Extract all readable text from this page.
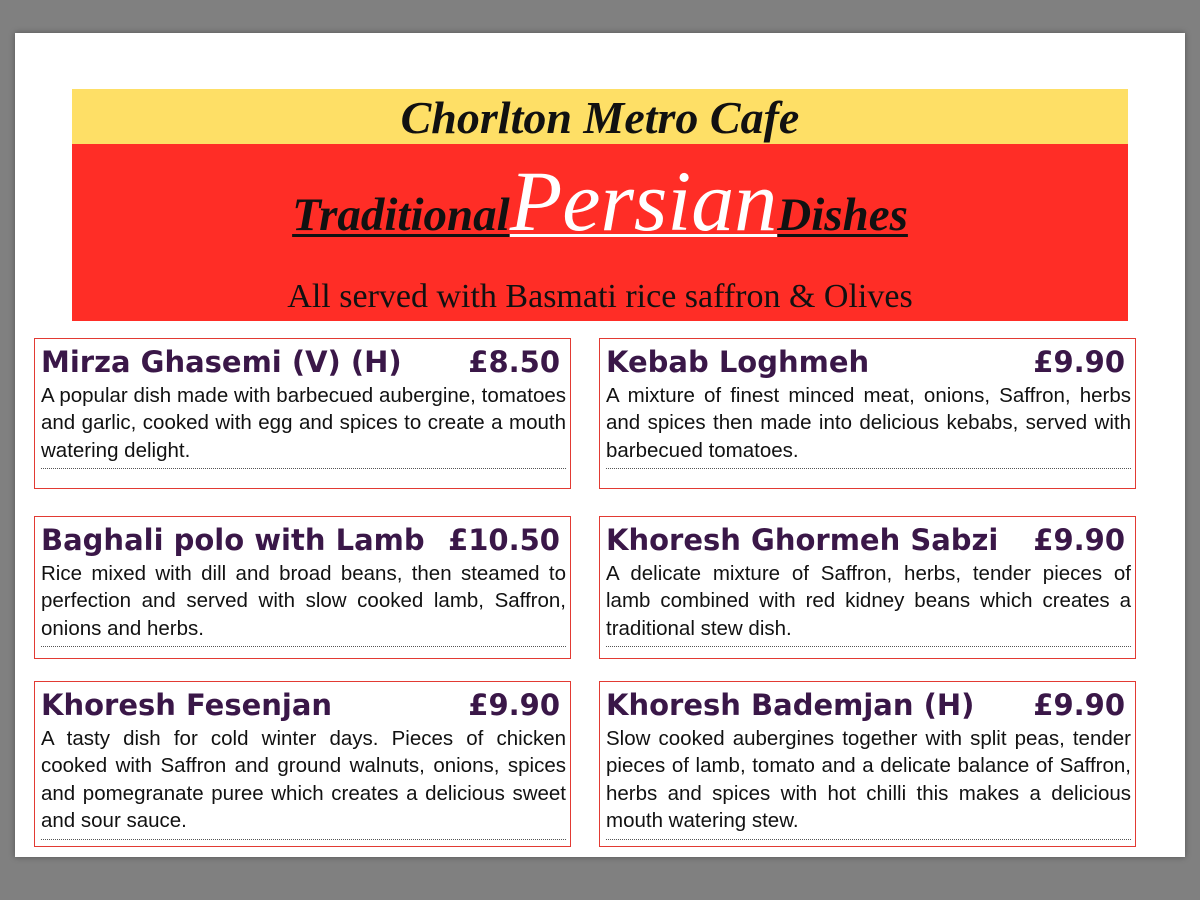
Chorlton Metro Cafe
TraditionalPersianDishes
All served with Basmati rice saffron & Olives
Mirza Ghasemi (V) (H) £8.50
A popular dish made with barbecued aubergine, tomatoes and garlic, cooked with egg and spices to create a mouth watering delight.
Kebab Loghmeh	£9.90
A mixture of finest minced meat, onions, Saffron, herbs and spices then made into delicious kebabs, served with barbecued tomatoes.
Baghali polo with Lamb £10.50
Rice mixed with dill and broad beans, then steamed to perfection and served with slow cooked lamb, Saffron, onions and herbs.
Khoresh Ghormeh Sabzi £9.90
A delicate mixture of Saffron, herbs, tender pieces of lamb combined with red kidney beans which creates a traditional stew dish.
Khoresh Fesenjan	£9.90
A tasty dish for cold winter days. Pieces of chicken cooked with Saffron and ground walnuts, onions, spices and pomegranate puree which creates a delicious sweet and sour sauce.
Khoresh Bademjan (H) £9.90
Slow cooked aubergines together with split peas, tender pieces of lamb, tomato and a delicate balance of Saffron, herbs and spices with hot chilli this makes a delicious mouth watering stew.
